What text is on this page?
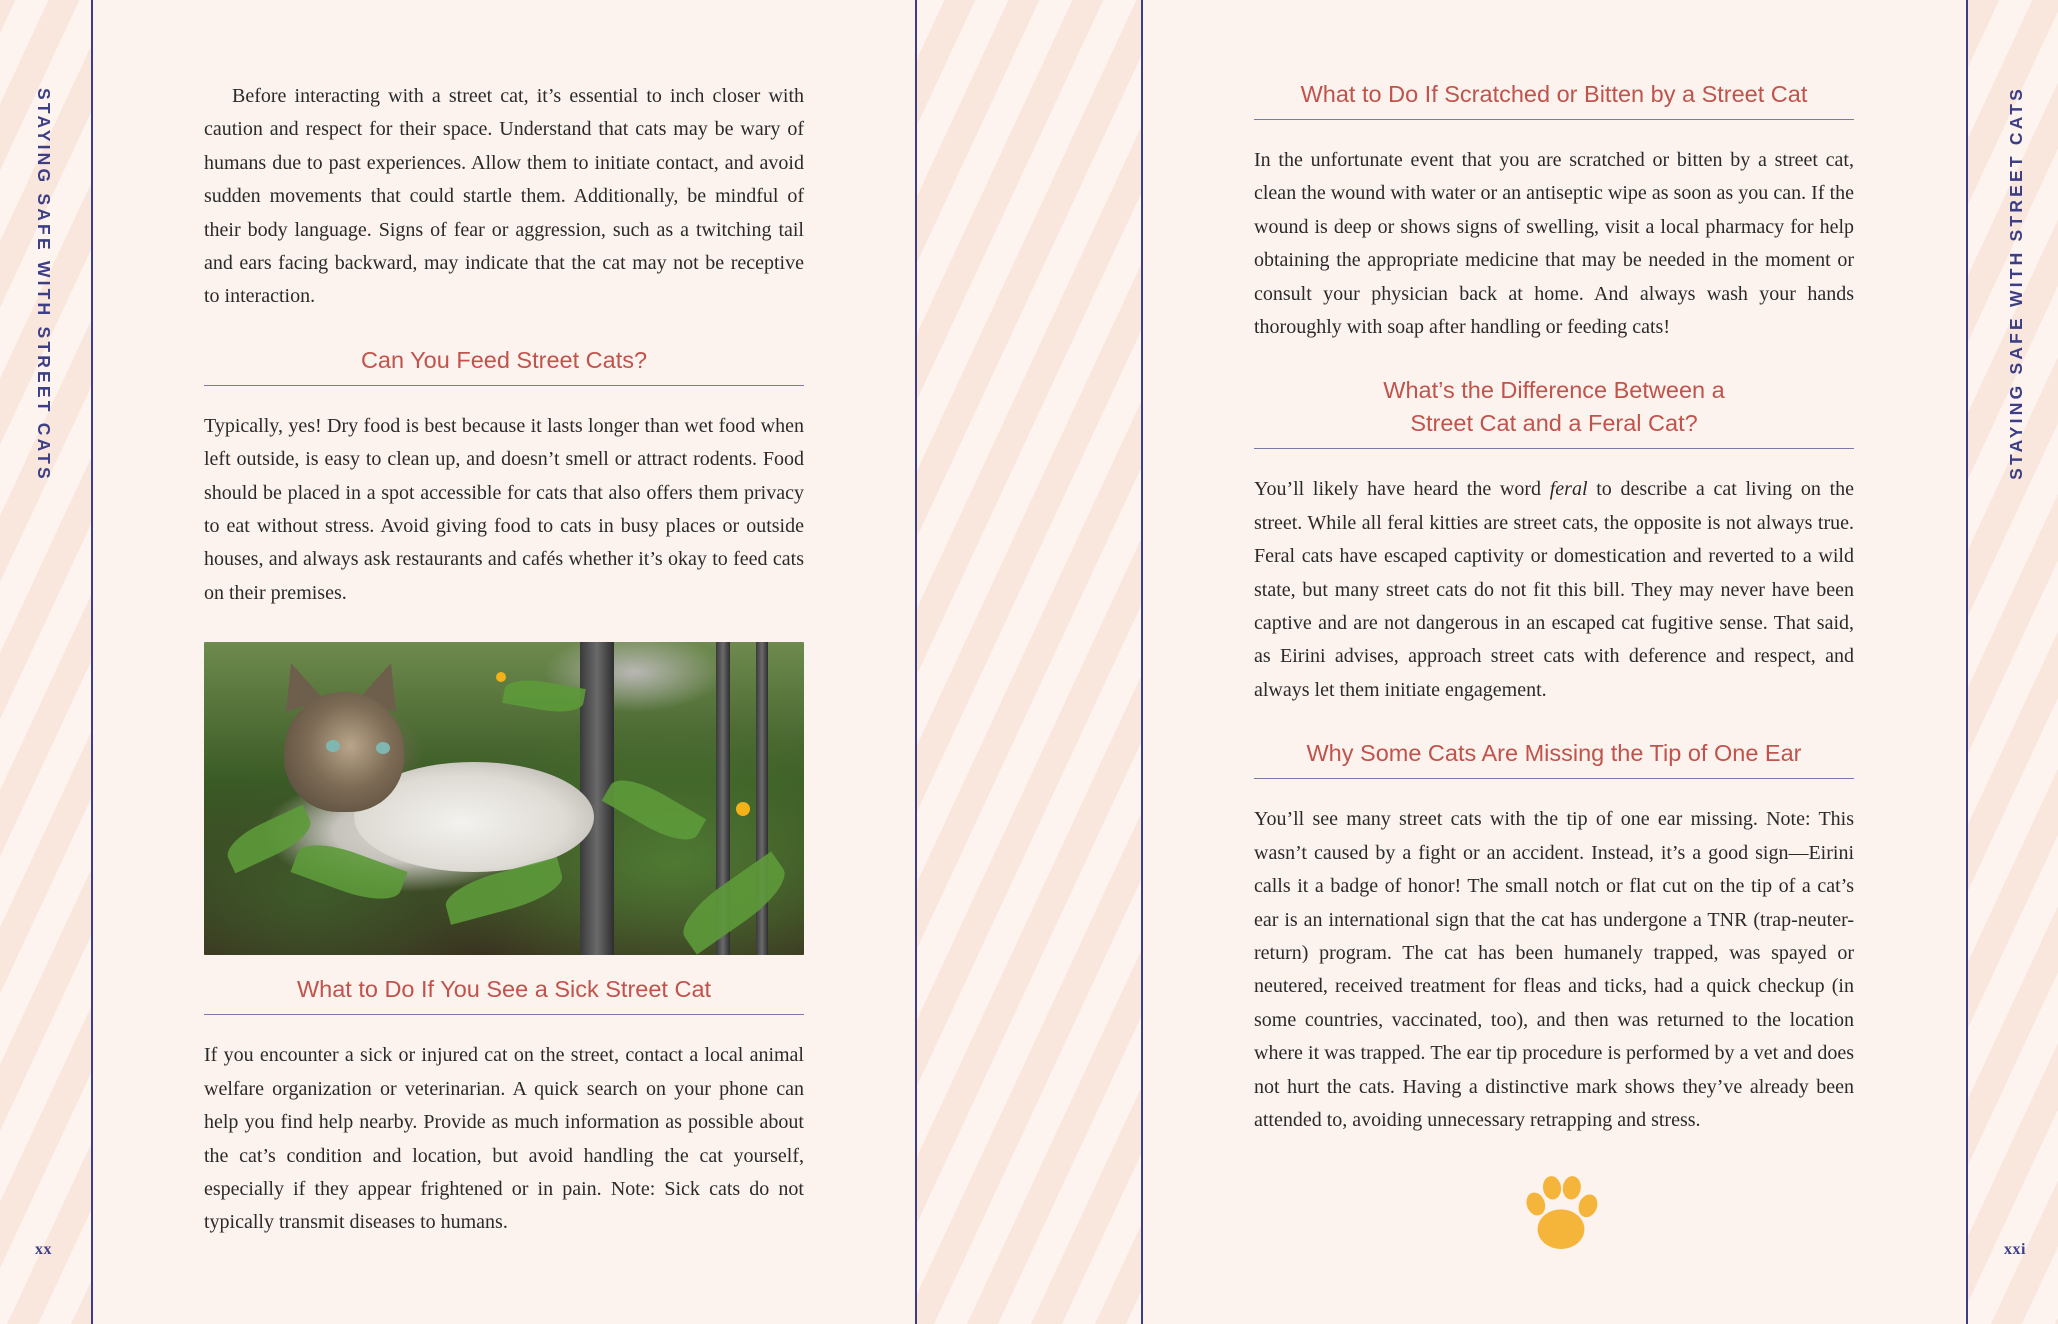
STAYING SAFE WITH STREET CATS
xx

Before interacting with a street cat, it’s essential to inch closer with caution and respect for their space. Understand that cats may be wary of humans due to past experiences. Allow them to initiate contact, and avoid sudden movements that could startle them. Additionally, be mindful of their body language. Signs of fear or aggression, such as a twitching tail and ears facing backward, may indicate that the cat may not be receptive to interaction.

Can You Feed Street Cats?

Typically, yes! Dry food is best because it lasts longer than wet food when left outside, is easy to clean up, and doesn’t smell or attract rodents. Food should be placed in a spot accessible for cats that also offers them privacy to eat without stress. Avoid giving food to cats in busy places or outside houses, and always ask restaurants and cafés whether it’s okay to feed cats on their premises.

What to Do If You See a Sick Street Cat

If you encounter a sick or injured cat on the street, contact a local animal welfare organization or veterinarian. A quick search on your phone can help you find help nearby. Provide as much information as possible about the cat’s condition and location, but avoid handling the cat yourself, especially if they appear frightened or in pain. Note: Sick cats do not typically transmit diseases to humans.

What to Do If Scratched or Bitten by a Street Cat

In the unfortunate event that you are scratched or bitten by a street cat, clean the wound with water or an antiseptic wipe as soon as you can. If the wound is deep or shows signs of swelling, visit a local pharmacy for help obtaining the appropriate medicine that may be needed in the moment or consult your physician back at home. And always wash your hands thoroughly with soap after handling or feeding cats!

What’s the Difference Between a
Street Cat and a Feral Cat?

You’ll likely have heard the word feral to describe a cat living on the street. While all feral kitties are street cats, the opposite is not always true. Feral cats have escaped captivity or domestication and reverted to a wild state, but many street cats do not fit this bill. They may never have been captive and are not dangerous in an escaped cat fugitive sense. That said, as Eirini advises, approach street cats with deference and respect, and always let them initiate engagement.

Why Some Cats Are Missing the Tip of One Ear

You’ll see many street cats with the tip of one ear missing. Note: This wasn’t caused by a fight or an accident. Instead, it’s a good sign—Eirini calls it a badge of honor! The small notch or flat cut on the tip of a cat’s ear is an international sign that the cat has undergone a TNR (trap-neuter-return) program. The cat has been humanely trapped, was spayed or neutered, received treatment for fleas and ticks, had a quick checkup (in some countries, vaccinated, too), and then was returned to the location where it was trapped. The ear tip procedure is performed by a vet and does not hurt the cats. Having a distinctive mark shows they’ve already been attended to, avoiding unnecessary retrapping and stress.

STAYING SAFE WITH STREET CATS
xxi
